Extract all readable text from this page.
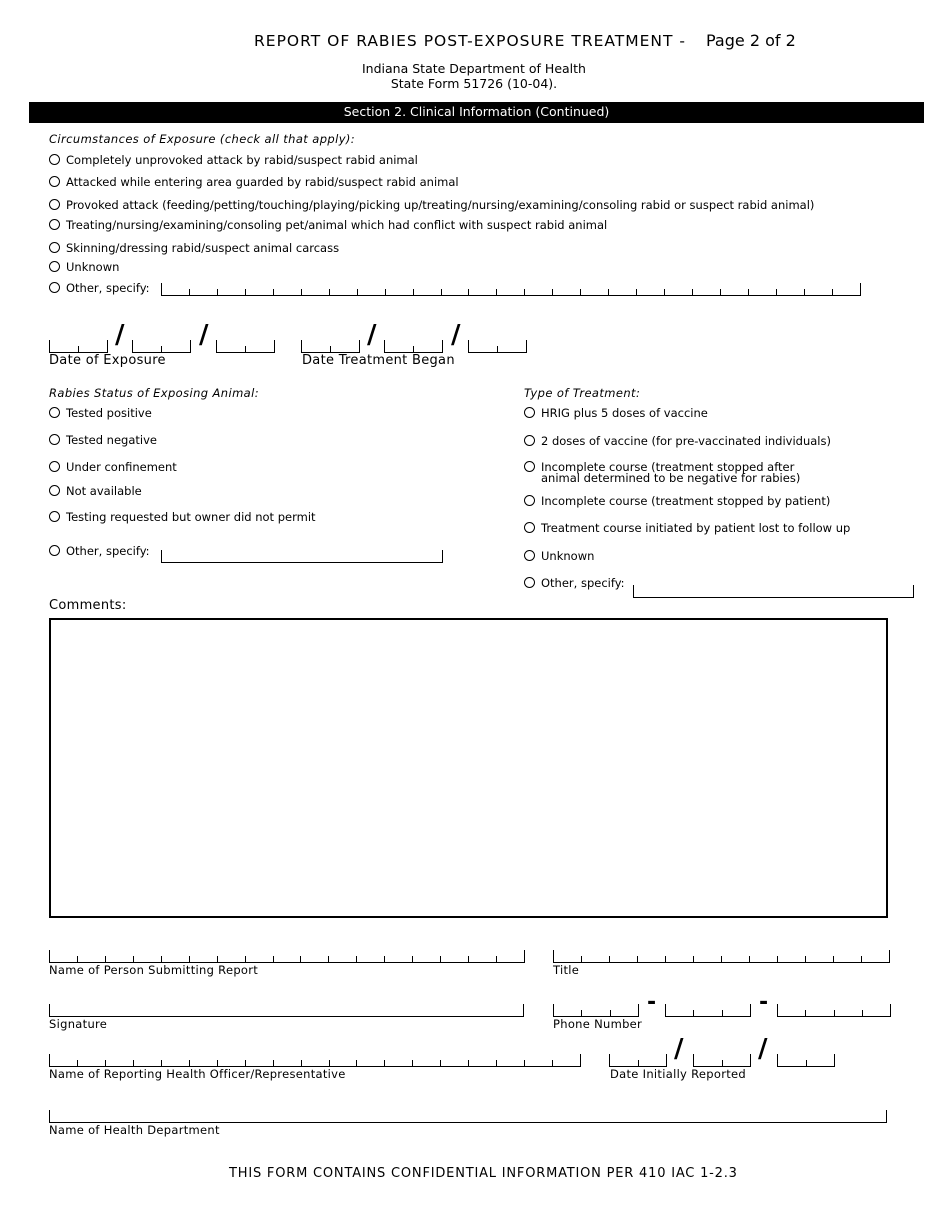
REPORT OF RABIES POST-EXPOSURE TREATMENT - Page 2 of 2
Indiana State Department of Health
State Form 51726 (10-04).
Section 2. Clinical Information (Continued)
Circumstances of Exposure (check all that apply):
Completely unprovoked attack by rabid/suspect rabid animal
Attacked while entering area guarded by rabid/suspect rabid animal
Provoked attack (feeding/petting/touching/playing/picking up/treating/nursing/examining/consoling rabid or suspect rabid animal)
Treating/nursing/examining/consoling pet/animal which had conflict with suspect rabid animal
Skinning/dressing rabid/suspect animal carcass
Unknown
Other, specify:
/	/
Date of Exposure
/	/
Date Treatment Began
Rabies Status of Exposing Animal:
Tested positive
Tested negative
Under confinement
Not available
Testing requested but owner did not permit
Other, specify:
Type of Treatment:
HRIG plus 5 doses of vaccine
2 doses of vaccine (for pre-vaccinated individuals)
Incomplete course (treatment stopped after
animal determined to be negative for rabies)
Incomplete course (treatment stopped by patient)
Treatment course initiated by patient lost to follow up
Unknown
Other, specify:
Comments:
Name of Person Submitting Report	Title
Signature
-	-
Phone Number
Name of Reporting Health Officer/Representative
/	/
Date Initially Reported
Name of Health Department
THIS FORM CONTAINS CONFIDENTIAL INFORMATION PER 410 IAC 1-2.3
